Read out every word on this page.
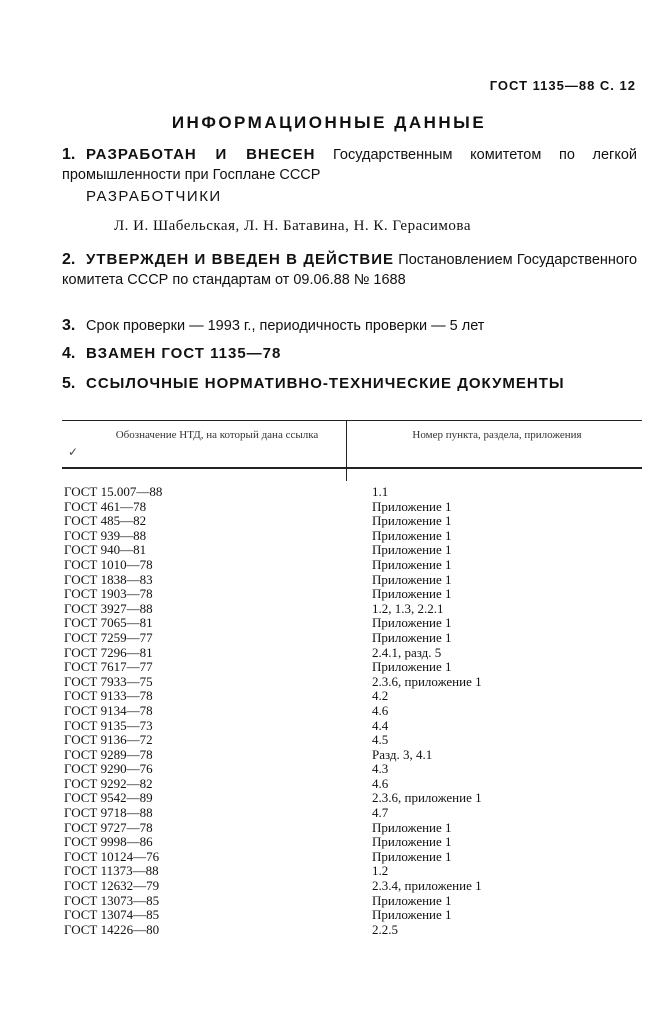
ГОСТ 1135—88 С. 12
ИНФОРМАЦИОННЫЕ ДАННЫЕ
1. РАЗРАБОТАН И ВНЕСЕН Государственным комитетом по легкой промышленности при Госплане СССР
РАЗРАБОТЧИКИ
Л. И. Шабельская, Л. Н. Батавина, Н. К. Герасимова
2. УТВЕРЖДЕН И ВВЕДЕН В ДЕЙСТВИЕ Постановлением Государственного комитета СССР по стандартам от 09.06.88 № 1688
3. Срок проверки — 1993 г., периодичность проверки — 5 лет
4. ВЗАМЕН ГОСТ 1135—78
5. ССЫЛОЧНЫЕ НОРМАТИВНО-ТЕХНИЧЕСКИЕ ДОКУМЕНТЫ
✓
Обозначение НТД, на который дана ссылка	Номер пункта, раздела, приложения
ГОСТ 15.007—88	1.1
ГОСТ 461—78	Приложение 1
ГОСТ 485—82	Приложение 1
ГОСТ 939—88	Приложение 1
ГОСТ 940—81	Приложение 1
ГОСТ 1010—78	Приложение 1
ГОСТ 1838—83	Приложение 1
ГОСТ 1903—78	Приложение 1
ГОСТ 3927—88	1.2, 1.3, 2.2.1
ГОСТ 7065—81	Приложение 1
ГОСТ 7259—77	Приложение 1
ГОСТ 7296—81	2.4.1, разд. 5
ГОСТ 7617—77	Приложение 1
ГОСТ 7933—75	2.3.6, приложение 1
ГОСТ 9133—78	4.2
ГОСТ 9134—78	4.6
ГОСТ 9135—73	4.4
ГОСТ 9136—72	4.5
ГОСТ 9289—78	Разд. 3, 4.1
ГОСТ 9290—76	4.3
ГОСТ 9292—82	4.6
ГОСТ 9542—89	2.3.6, приложение 1
ГОСТ 9718—88	4.7
ГОСТ 9727—78	Приложение 1
ГОСТ 9998—86	Приложение 1
ГОСТ 10124—76	Приложение 1
ГОСТ 11373—88	1.2
ГОСТ 12632—79	2.3.4, приложение 1
ГОСТ 13073—85	Приложение 1
ГОСТ 13074—85	Приложение 1
ГОСТ 14226—80	2.2.5
